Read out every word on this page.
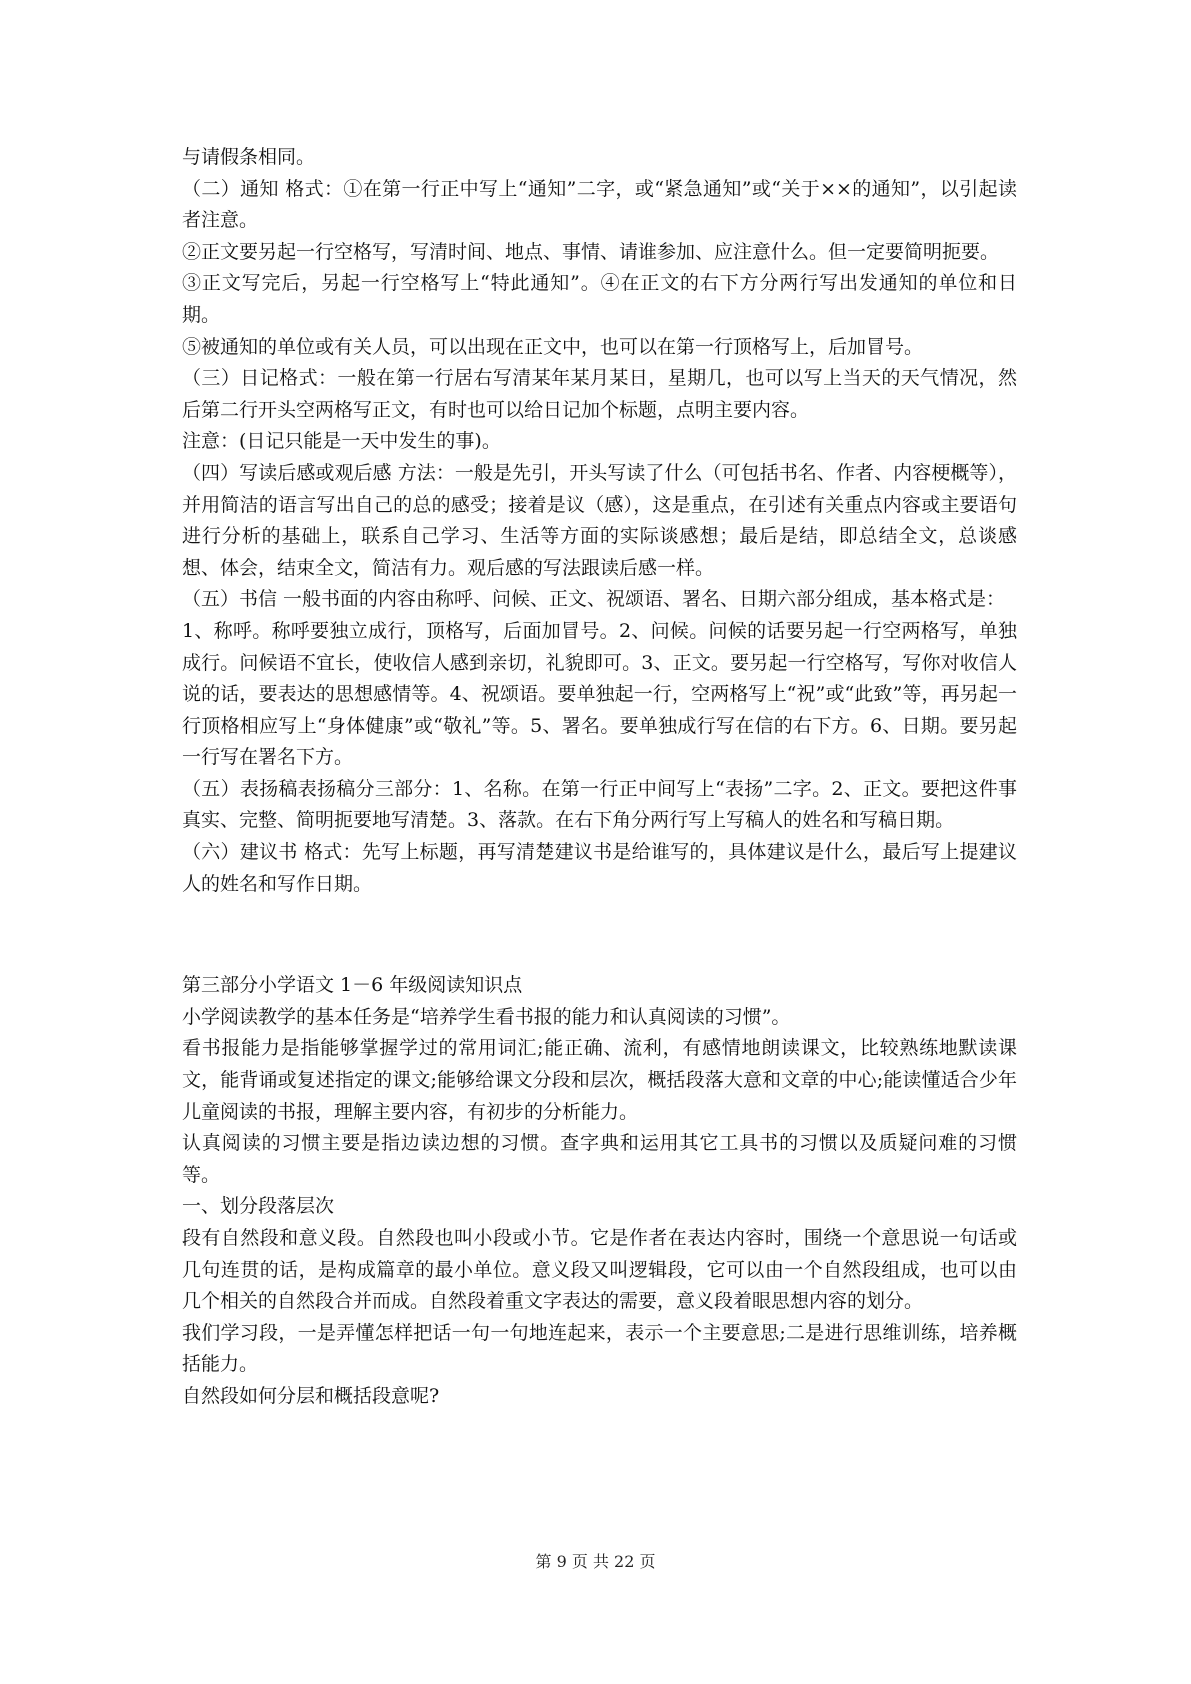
与请假条相同。

（二）通知 格式：①在第一行正中写上“通知”二字，或“紧急通知”或“关于××的通知”，以引起读者注意。

②正文要另起一行空格写，写清时间、地点、事情、请谁参加、应注意什么。但一定要简明扼要。

③正文写完后，另起一行空格写上“特此通知”。④在正文的右下方分两行写出发通知的单位和日期。

⑤被通知的单位或有关人员，可以出现在正文中，也可以在第一行顶格写上，后加冒号。

（三）日记格式：一般在第一行居右写清某年某月某日，星期几，也可以写上当天的天气情况，然后第二行开头空两格写正文，有时也可以给日记加个标题，点明主要内容。

注意：(日记只能是一天中发生的事)。

（四）写读后感或观后感 方法：一般是先引，开头写读了什么（可包括书名、作者、内容梗概等），并用简洁的语言写出自己的总的感受；接着是议（感），这是重点，在引述有关重点内容或主要语句进行分析的基础上，联系自己学习、生活等方面的实际谈感想；最后是结，即总结全文，总谈感想、体会，结束全文，简洁有力。观后感的写法跟读后感一样。

（五）书信 一般书面的内容由称呼、问候、正文、祝颂语、署名、日期六部分组成，基本格式是：

1、称呼。称呼要独立成行，顶格写，后面加冒号。2、问候。问候的话要另起一行空两格写，单独成行。问候语不宜长，使收信人感到亲切，礼貌即可。3、正文。要另起一行空格写，写你对收信人说的话，要表达的思想感情等。4、祝颂语。要单独起一行，空两格写上“祝”或“此致”等，再另起一行顶格相应写上“身体健康”或“敬礼”等。5、署名。要单独成行写在信的右下方。6、日期。要另起一行写在署名下方。

（五）表扬稿表扬稿分三部分：1、名称。在第一行正中间写上“表扬”二字。2、正文。要把这件事真实、完整、简明扼要地写清楚。3、落款。在右下角分两行写上写稿人的姓名和写稿日期。

（六）建议书 格式：先写上标题，再写清楚建议书是给谁写的，具体建议是什么，最后写上提建议人的姓名和写作日期。

第三部分小学语文 1－6 年级阅读知识点

小学阅读教学的基本任务是“培养学生看书报的能力和认真阅读的习惯”。

看书报能力是指能够掌握学过的常用词汇;能正确、流利，有感情地朗读课文，比较熟练地默读课文，能背诵或复述指定的课文;能够给课文分段和层次，概括段落大意和文章的中心;能读懂适合少年儿童阅读的书报，理解主要内容，有初步的分析能力。

认真阅读的习惯主要是指边读边想的习惯。查字典和运用其它工具书的习惯以及质疑问难的习惯等。

一、划分段落层次

段有自然段和意义段。自然段也叫小段或小节。它是作者在表达内容时，围绕一个意思说一句话或几句连贯的话，是构成篇章的最小单位。意义段又叫逻辑段，它可以由一个自然段组成，也可以由几个相关的自然段合并而成。自然段着重文字表达的需要，意义段着眼思想内容的划分。

我们学习段，一是弄懂怎样把话一句一句地连起来，表示一个主要意思;二是进行思维训练，培养概括能力。

自然段如何分层和概括段意呢?

第 9 页 共 22 页
